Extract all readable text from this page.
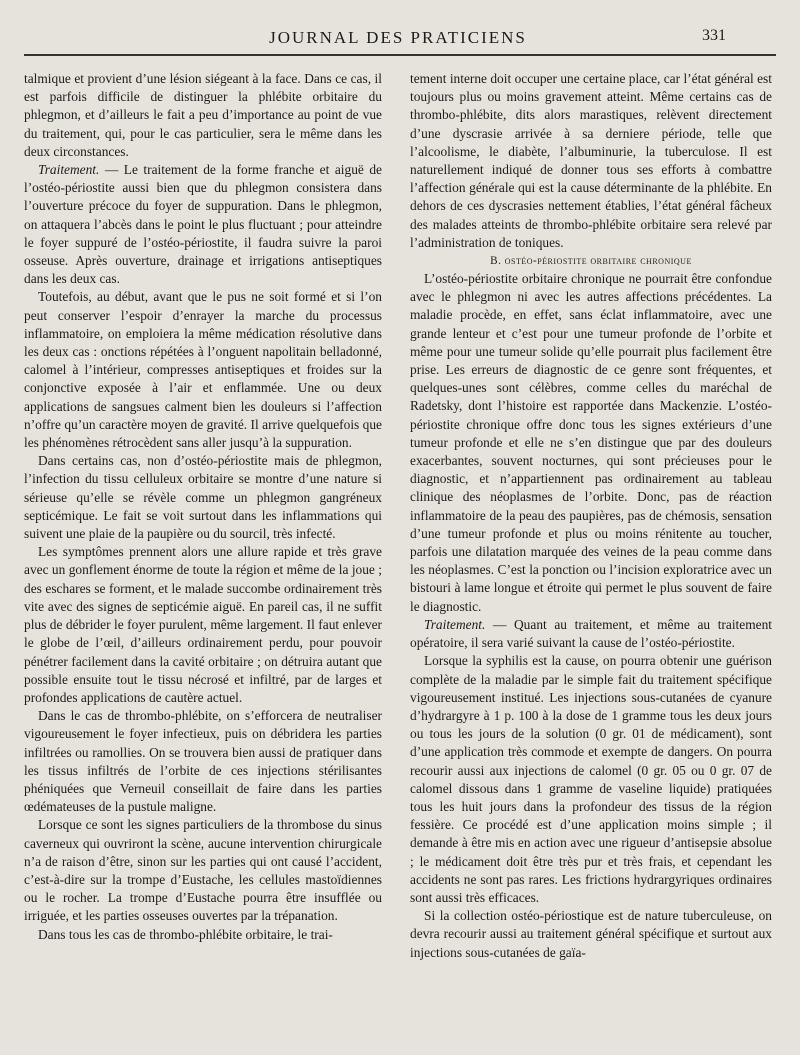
JOURNAL DES PRATICIENS	331

talmique et provient d’une lésion siégeant à la face. Dans ce cas, il est parfois difficile de distinguer la phlébite orbitaire du phlegmon, et d’ailleurs le fait a peu d’importance au point de vue du traitement, qui, pour le cas particulier, sera le même dans les deux circonstances.

Traitement. — Le traitement de la forme franche et aiguë de l’ostéo-périostite aussi bien que du phlegmon consistera dans l’ouverture précoce du foyer de suppuration. Dans le phlegmon, on attaquera l’abcès dans le point le plus fluctuant ; pour atteindre le foyer suppuré de l’ostéo-périostite, il faudra suivre la paroi osseuse. Après ouverture, drainage et irrigations antiseptiques dans les deux cas.

Toutefois, au début, avant que le pus ne soit formé et si l’on peut conserver l’espoir d’enrayer la marche du processus inflammatoire, on emploiera la même médication résolutive dans les deux cas : onctions répétées à l’onguent napolitain belladonné, calomel à l’intérieur, compresses antiseptiques et froides sur la conjonctive exposée à l’air et enflammée. Une ou deux applications de sangsues calment bien les douleurs si l’affection n’offre qu’un caractère moyen de gravité. Il arrive quelquefois que les phénomènes rétrocèdent sans aller jusqu’à la suppuration.

Dans certains cas, non d’ostéo-périostite mais de phlegmon, l’infection du tissu celluleux orbitaire se montre d’une nature si sérieuse qu’elle se révèle comme un phlegmon gangréneux septicémique. Le fait se voit surtout dans les inflammations qui suivent une plaie de la paupière ou du sourcil, très infecté.

Les symptômes prennent alors une allure rapide et très grave avec un gonflement énorme de toute la région et même de la joue ; des eschares se forment, et le malade succombe ordinairement très vite avec des signes de septicémie aiguë. En pareil cas, il ne suffit plus de débrider le foyer purulent, même largement. Il faut enlever le globe de l’œil, d’ailleurs ordinairement perdu, pour pouvoir pénétrer facilement dans la cavité orbitaire ; on détruira autant que possible ensuite tout le tissu nécrosé et infiltré, par de larges et profondes applications de cautère actuel.

Dans le cas de thrombo-phlébite, on s’efforcera de neutraliser vigoureusement le foyer infectieux, puis on débridera les parties infiltrées ou ramollies. On se trouvera bien aussi de pratiquer dans les tissus infiltrés de l’orbite de ces injections stérilisantes phéniquées que Verneuil conseillait de faire dans les parties œdémateuses de la pustule maligne.

Lorsque ce sont les signes particuliers de la thrombose du sinus caverneux qui ouvriront la scène, aucune intervention chirurgicale n’a de raison d’être, sinon sur les parties qui ont causé l’accident, c’est-à-dire sur la trompe d’Eustache, les cellules mastoïdiennes ou le rocher. La trompe d’Eustache pourra être insufflée ou irriguée, et les parties osseuses ouvertes par la trépanation.

Dans tous les cas de thrombo-phlébite orbitaire, le trai-

tement interne doit occuper une certaine place, car l’état général est toujours plus ou moins gravement atteint. Même certains cas de thrombo-phlébite, dits alors marastiques, relèvent directement d’une dyscrasie arrivée à sa derniere période, telle que l’alcoolisme, le diabète, l’albuminurie, la tuberculose. Il est naturellement indiqué de donner tous ses efforts à combattre l’affection générale qui est la cause déterminante de la phlébite. En dehors de ces dyscrasies nettement établies, l’état général fâcheux des malades atteints de thrombo-phlébite orbitaire sera relevé par l’administration de toniques.

B. ostéo-périostite orbitaire chronique

L’ostéo-périostite orbitaire chronique ne pourrait être confondue avec le phlegmon ni avec les autres affections précédentes. La maladie procède, en effet, sans éclat inflammatoire, avec une grande lenteur et c’est pour une tumeur profonde de l’orbite et même pour une tumeur solide qu’elle pourrait plus facilement être prise. Les erreurs de diagnostic de ce genre sont fréquentes, et quelques-unes sont célèbres, comme celles du maréchal de Radetsky, dont l’histoire est rapportée dans Mackenzie. L’ostéo-périostite chronique offre donc tous les signes extérieurs d’une tumeur profonde et elle ne s’en distingue que par des douleurs exacerbantes, souvent nocturnes, qui sont précieuses pour le diagnostic, et n’appartiennent pas ordinairement au tableau clinique des néoplasmes de l’orbite. Donc, pas de réaction inflammatoire de la peau des paupières, pas de chémosis, sensation d’une tumeur profonde et plus ou moins rénitente au toucher, parfois une dilatation marquée des veines de la peau comme dans les néoplasmes. C’est la ponction ou l’incision exploratrice avec un bistouri à lame longue et étroite qui permet le plus souvent de faire le diagnostic.

Traitement. — Quant au traitement, et même au traitement opératoire, il sera varié suivant la cause de l’ostéo-périostite.

Lorsque la syphilis est la cause, on pourra obtenir une guérison complète de la maladie par le simple fait du traitement spécifique vigoureusement institué. Les injections sous-cutanées de cyanure d’hydrargyre à 1 p. 100 à la dose de 1 gramme tous les deux jours ou tous les jours de la solution (0 gr. 01 de médicament), sont d’une application très commode et exempte de dangers. On pourra recourir aussi aux injections de calomel (0 gr. 05 ou 0 gr. 07 de calomel dissous dans 1 gramme de vaseline liquide) pratiquées tous les huit jours dans la profondeur des tissus de la région fessière. Ce procédé est d’une application moins simple ; il demande à être mis en action avec une rigueur d’antisepsie absolue ; le médicament doit être très pur et très frais, et cependant les accidents ne sont pas rares. Les frictions hydrargyriques ordinaires sont aussi très efficaces.

Si la collection ostéo-périostique est de nature tuberculeuse, on devra recourir aussi au traitement général spécifique et surtout aux injections sous-cutanées de gaïa-
